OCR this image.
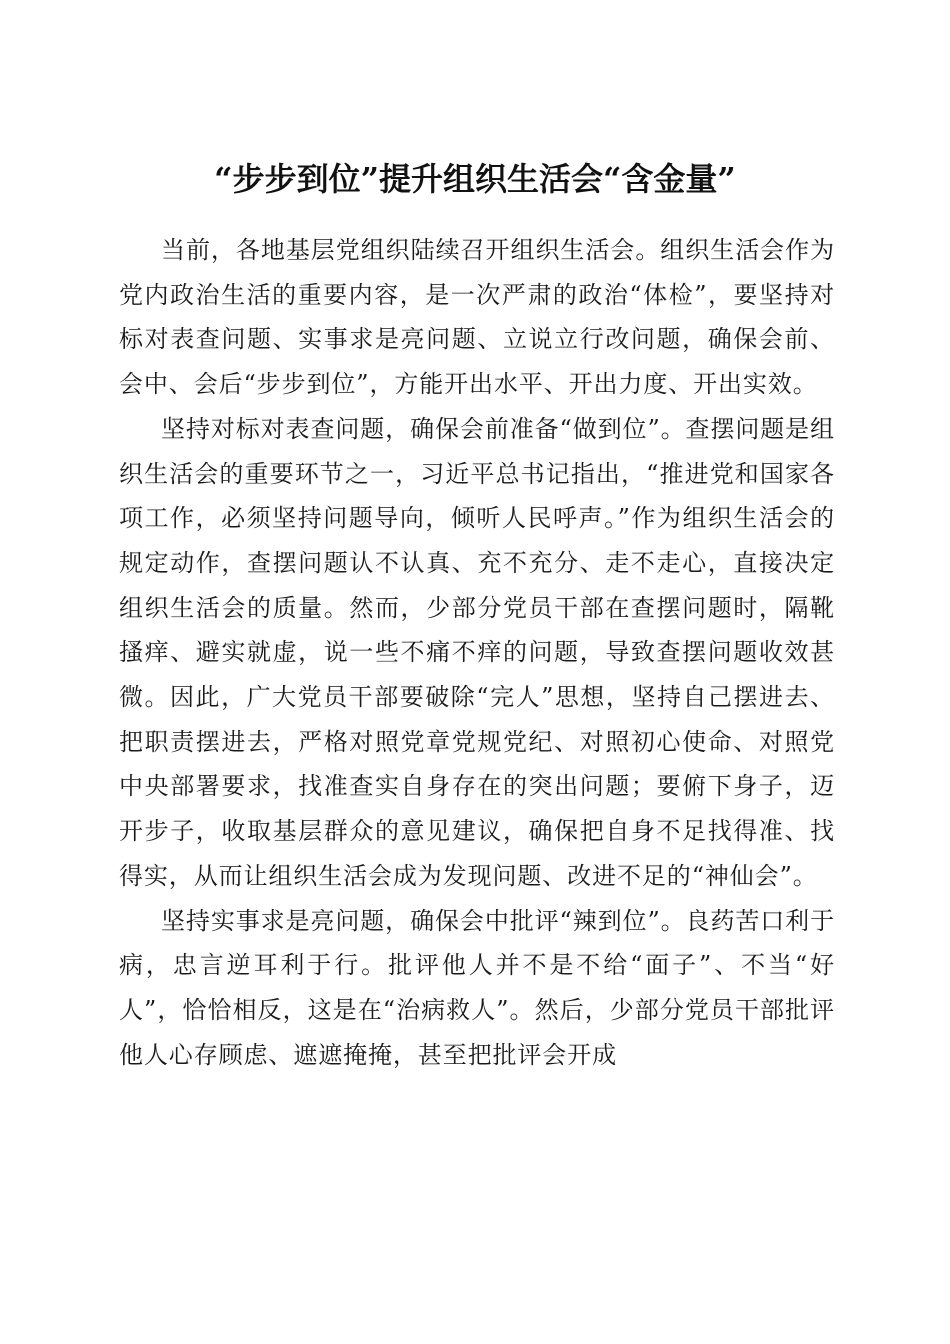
“步步到位”提升组织生活会“含金量”

当前，各地基层党组织陆续召开组织生活会。组织生活会作为党内政治生活的重要内容，是一次严肃的政治“体检”，要坚持对标对表查问题、实事求是亮问题、立说立行改问题，确保会前、会中、会后“步步到位”，方能开出水平、开出力度、开出实效。

坚持对标对表查问题，确保会前准备“做到位”。查摆问题是组织生活会的重要环节之一，习近平总书记指出，“推进党和国家各项工作，必须坚持问题导向，倾听人民呼声。”作为组织生活会的规定动作，查摆问题认不认真、充不充分、走不走心，直接决定组织生活会的质量。然而，少部分党员干部在查摆问题时，隔靴搔痒、避实就虚，说一些不痛不痒的问题，导致查摆问题收效甚微。因此，广大党员干部要破除“完人”思想，坚持自己摆进去、把职责摆进去，严格对照党章党规党纪、对照初心使命、对照党中央部署要求，找准查实自身存在的突出问题；要俯下身子，迈开步子，收取基层群众的意见建议，确保把自身不足找得准、找得实，从而让组织生活会成为发现问题、改进不足的“神仙会”。

坚持实事求是亮问题，确保会中批评“辣到位”。良药苦口利于病，忠言逆耳利于行。批评他人并不是不给“面子”、不当“好人”，恰恰相反，这是在“治病救人”。然后，少部分党员干部批评他人心存顾虑、遮遮掩掩，甚至把批评会开成
